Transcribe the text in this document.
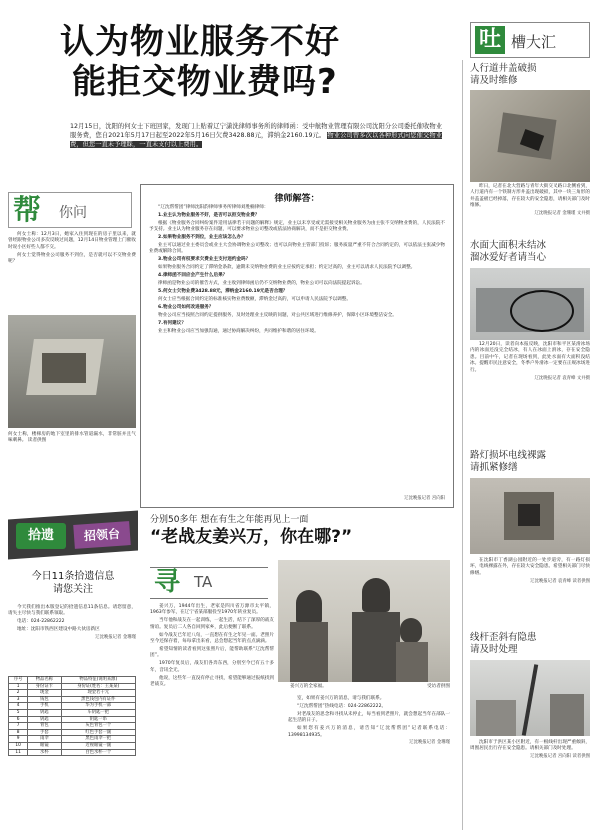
认为物业服务不好
能拒交物业费吗?
12月15日，沈阳的何女士下班回家，发现门上贴着辽宁潇洗律师事务所的律师函：受中航物业管理有限公司沈阳分公司委托催收物业服务费，您自2021年5月17日起至2022年5月16日欠费3428.88元，滞纳金2160.19元。 物业公司曾多次以各种形式向您催交物业费，但您一直未予理睬，一直未支付以上费用。
吐 槽大汇
帮	你问

何女士称：12月3日，她家入住到现在的房子里以来，就曾经跟物业公司多次反映过问题，12月14日物业管理上门催收时说小区好些人都不交。

何女士觉得物业公司服务不到位，是否就可以不交物业费呢？

何女士称，楼梯房的地下室里的排水管道漏水，非常脏并且气味刺鼻。 读者供图
律师解答：

“辽沈帮帮团”律师沈阳韵律师事务所律师刘胜楠律师：

1.业主认为物业服务不好，是否可以拒交物业费？

根据《物业服务合同纠纷案件适用法律若干问题的解释》规定，业主以未享受或无需接受相关物业服务为由主张不交纳物业费的，人民法院不予支持。业主认为物业服务存在问题，可以要求物业公司整改或依法协商解决，而不是拒交物业费。

2.如果物业服务不到位，业主应该怎么办？

业主可以通过业主委员会或业主大会协调物业公司整改；也可以向物业主管部门投诉；服务质量严重不符合合同约定的，可以依法主张减少物业费或解除合同。

3.物业公司有权要求欠费业主支付违约金吗？

如果物业服务合同约定了滞纳金条款，逾期未交纳物业费的业主应按约定承担；约定过高的，业主可以请求人民法院予以调整。

4.律师函不回应会产生什么后果？

律师函是物业公司的催告方式，业主收到律师函后仍不交纳物业费的，物业公司可以向法院提起诉讼。

5.何女士欠物业费3428.88元，滞纳金2160.19元是否合理？

何女士应当根据合同约定的标准核实物业费数额，滞纳金过高的，可以申请人民法院予以调整。

6.物业公司如何改进服务？

物业公司应当按照合同约定提供服务，及时处理业主反映的问题，对公共区域进行维修养护，保障小区环境整洁安全。

7.有何建议？

业主和物业公司应当加强沟通，通过协商解决纠纷，共同维护和谐的居住环境。

辽沈晚报记者 宫向阳
拾遗	招领台
今日11条拾遗信息
请您关注

今天我们推出本版登记的拾遗信息11条信息。请您留意，请失主尽快与我们联系领取。

电话：024-22862222

地址：沈阳市铁西区建设中路大伙房新区

辽沈晚报记者 金珊瑾
序号	物品名称	物品特征(说明来源)
1	身份证卡	身份证(姓名：王某某)
2	现金	现金若干元
3	钱包	黑色钱包内有证件
4	手机	华为手机一部
5	钥匙	车钥匙一把
6	钥匙	钥匙一串
7	背包	灰色背包一个
8	手套	红色手套一副
9	雨伞	黑色雨伞一把
10	眼镜	近视眼镜一副
11	水杯	白色水杯一个
分别50多年 想在有生之年能再见上一面
“老战友姜兴万，你在哪?”
寻 TA

姜兴万，1944年出生，老家是四川省万源市太平镇，1963年参军，在辽宁省某部服役至1970年转业复员。

当年他和战友在一起训练，一起生活，结下了深厚的战友情谊。复员后二人各自回到家乡，此后便断了联系。

如今战友已年近八旬，一直想在有生之年见一面。老照片至今还保存着，每每拿出来看，总会想起当年的点点滴滴。

希望知情的读者看到这张照片后，能帮助联系“辽沈帮帮团”。

1970年复员后，战友们各奔东西，分别至今已有五十多年，音讯全无。

他说，这些年一直没有停止寻找，希望能够通过报纸找到老战友。	姜兴万的全家福。	受访者供图

室，如果有姜兴万的消息，请与我们联系。

“辽沈帮帮团”热线电话：024-22862222。

对老战友的思念和寻找从未停止，每当看到老照片，就会想起当年在部队一起生活的日子。

如果您有姜兴万的消息，请告知“辽沈帮帮团”记者联系电话：13998134935。

辽沈晚报记者 金珊瑾
人行道井盖破损
请及时维修

昨日，记者在北大营路与青年大街交叉路口北侧看到，人行道内有一个铁制方形井盖出现破损，其中一块三角形的井盖盖板已经掉落，存在较大的安全隐患，请相关部门及时维修。

辽沈晚报记者 金珊瑾 文并摄
水面大面积未结冰
溜冰爱好者请当心

12月20日，读者向本报反映，沈阳市和平区某滑冰场内的冰面还没完全结冰，有人在冰面上滑冰，存在安全隐患。目前中午，记者在现场看到，此处水面有大面积没结冰。提醒市民注意安全，冬季户外滑冰一定要在正规冰场进行。

辽沈晚报记者 袁青峰 文并摄
路灯损坏电线裸露
请抓紧修缮

在沈阳市丁香湖公园附近的一处步道旁，有一路灯损坏，电线裸露在外，存在较大安全隐患。希望相关部门尽快修缮。

辽沈晚报记者 袁青峰 读者供图
线杆歪斜有隐患
请及时处理

沈阳市于洪区某小区附近，有一根线杆出现严重倾斜，周围居民出行存在安全隐患。请相关部门及时处理。

辽沈晚报记者 宫向阳 读者供图
